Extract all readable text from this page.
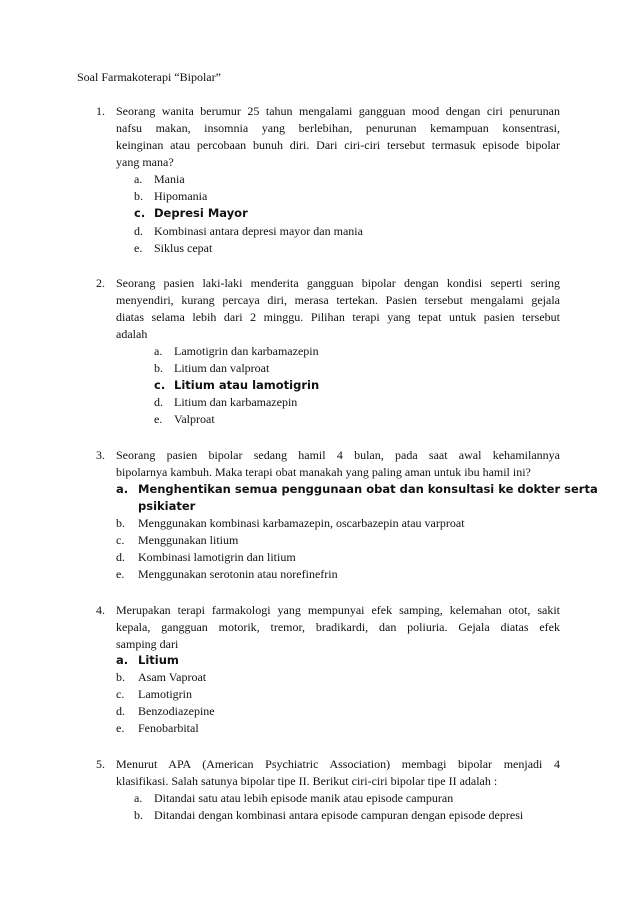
Soal Farmakoterapi “Bipolar”
1. Seorang wanita berumur 25 tahun mengalami gangguan mood dengan ciri penurunan

nafsu makan, insomnia yang berlebihan, penurunan kemampuan konsentrasi,

keinginan atau percobaan bunuh diri. Dari ciri-ciri tersebut termasuk episode bipolar

yang mana?

a. Mania
b. Hipomania
c. Depresi Mayor
d. Kombinasi antara depresi mayor dan mania
e. Siklus cepat
2. Seorang pasien laki-laki menderita gangguan bipolar dengan kondisi seperti sering

menyendiri, kurang percaya diri, merasa tertekan. Pasien tersebut mengalami gejala

diatas selama lebih dari 2 minggu. Pilihan terapi yang tepat untuk pasien tersebut

adalah

a. Lamotigrin dan karbamazepin
b. Litium dan valproat
c. Litium atau lamotigrin
d. Litium dan karbamazepin
e. Valproat
3. Seorang pasien bipolar sedang hamil 4 bulan, pada saat awal kehamilannya

bipolarnya kambuh. Maka terapi obat manakah yang paling aman untuk ibu hamil ini?

a. Menghentikan semua penggunaan obat dan konsultasi ke dokter serta
psikiater
b. Menggunakan kombinasi karbamazepin, oscarbazepin atau varproat
c. Menggunakan litium
d. Kombinasi lamotigrin dan litium
e. Menggunakan serotonin atau norefinefrin
4. Merupakan terapi farmakologi yang mempunyai efek samping, kelemahan otot, sakit

kepala, gangguan motorik, tremor, bradikardi, dan poliuria. Gejala diatas efek

samping dari

a. Litium
b. Asam Vaproat
c. Lamotigrin
d. Benzodiazepine
e. Fenobarbital
5. Menurut APA (American Psychiatric Association) membagi bipolar menjadi 4

klasifikasi. Salah satunya bipolar tipe II. Berikut ciri-ciri bipolar tipe II adalah :

a. Ditandai satu atau lebih episode manik atau episode campuran
b. Ditandai dengan kombinasi antara episode campuran dengan episode depresi
